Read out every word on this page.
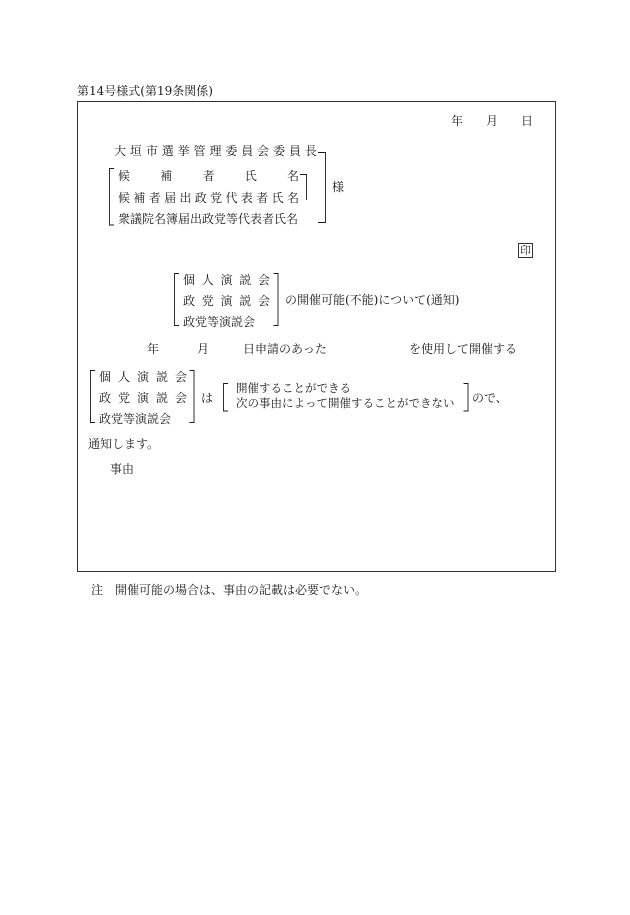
第14号様式(第19条関係)
年 月 日
大 垣 市 選 挙 管 理 委 員 会 委 員 長
候	補	者	氏	名
候 補 者 届 出 政 党 代 表 者 氏 名
衆議院名簿届出政党等代表者氏名
様
印
個 人 演 説 会
政 党 演 説 会
政党等演説会
の開催可能(不能)について(通知)
年	月	日申請のあった	を使用して開催する
個 人 演 説 会
政 党 演 説 会
政党等演説会
は
開催することができる
次の事由によって開催することができない ので、
通知します。
事由
注　開催可能の場合は、事由の記載は必要でない。
